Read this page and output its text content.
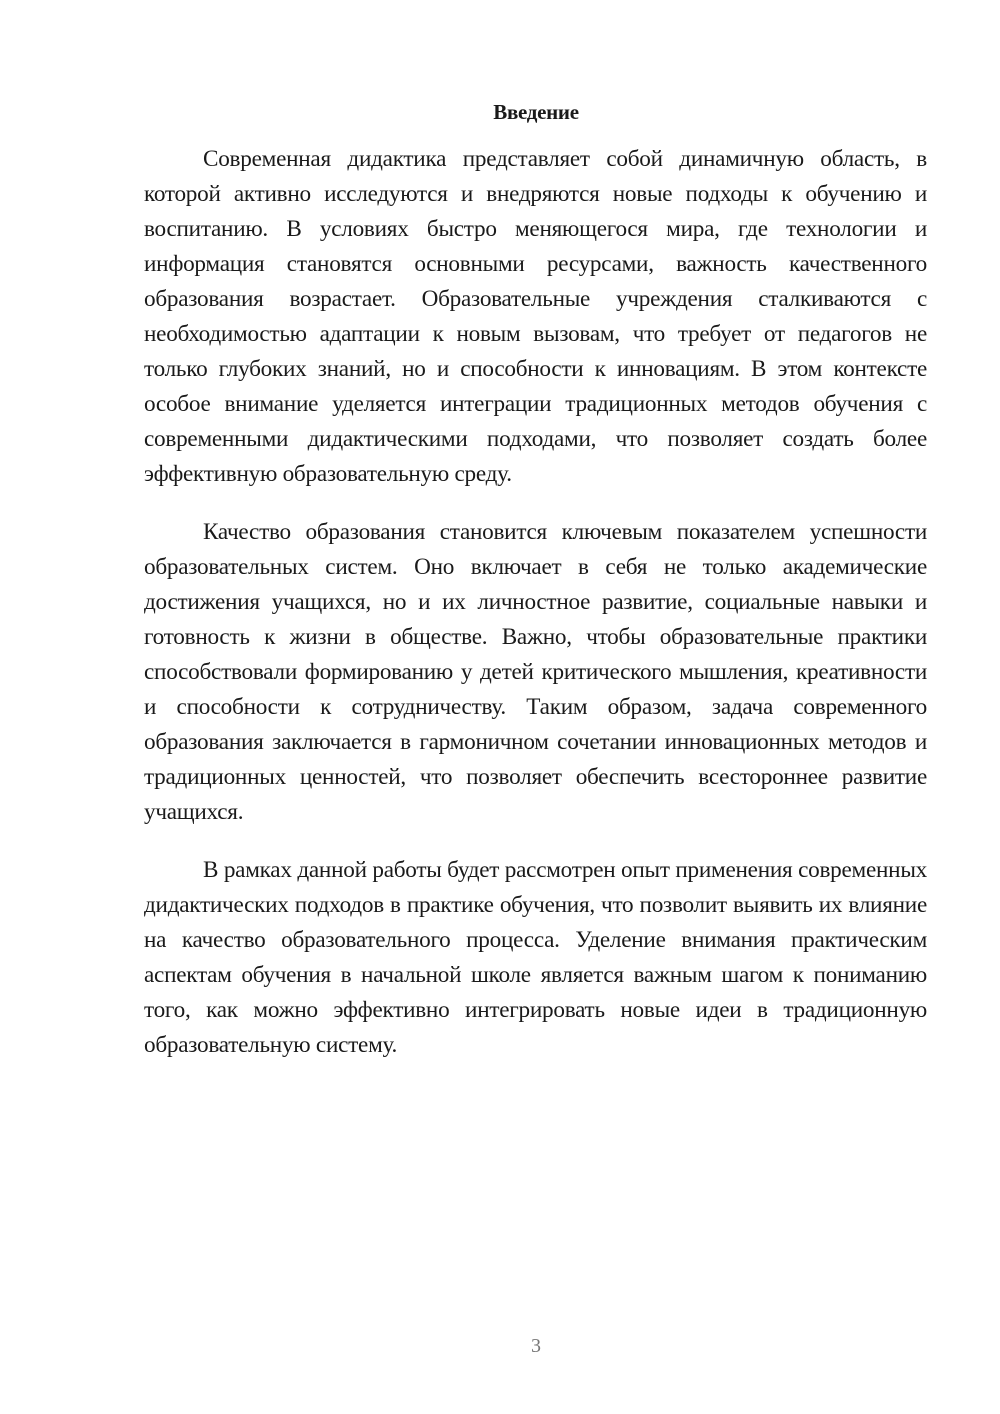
Введение

Современная дидактика представляет собой динамичную область, в которой активно исследуются и внедряются новые подходы к обучению и воспитанию. В условиях быстро меняющегося мира, где технологии и информация становятся основными ресурсами, важность качественного образования возрастает. Образовательные учреждения сталкиваются с необходимостью адаптации к новым вызовам, что требует от педагогов не только глубоких знаний, но и способности к инновациям. В этом контексте особое внимание уделяется интеграции традиционных методов обучения с современными дидактическими подходами, что позволяет создать более эффективную образовательную среду.

Качество образования становится ключевым показателем успешности образовательных систем. Оно включает в себя не только академические достижения учащихся, но и их личностное развитие, социальные навыки и готовность к жизни в обществе. Важно, чтобы образовательные практики способствовали формированию у детей критического мышления, креативности и способности к сотрудничеству. Таким образом, задача современного образования заключается в гармоничном сочетании инновационных методов и традиционных ценностей, что позволяет обеспечить всестороннее развитие учащихся.

В рамках данной работы будет рассмотрен опыт применения современных дидактических подходов в практике обучения, что позволит выявить их влияние на качество образовательного процесса. Уделение внимания практическим аспектам обучения в начальной школе является важным шагом к пониманию того, как можно эффективно интегрировать новые идеи в традиционную образовательную систему.

3
